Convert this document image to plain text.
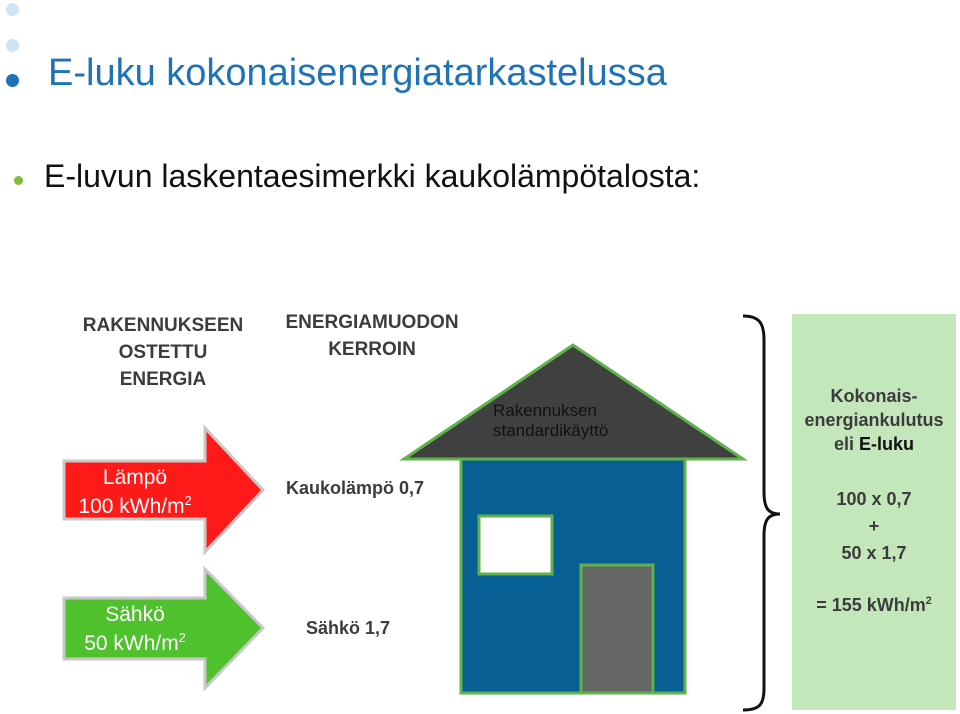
E-luku kokonaisenergiatarkastelussa
E-luvun laskentaesimerkki kaukolämpötalosta:
RAKENNUKSEEN
OSTETTU
ENERGIA
ENERGIAMUODON
KERROIN
Lämpö
100 kWh/$m^2$
Sähkö
50 kWh/$m^2$
Kaukolämpö 0,7
Sähkö 1,7
Rakennuksen
standardikäyttö
Kokonais-
energiankulutus
eli E-luku
100 x 0,7
+
50 x 1,7
= 155 kWh/$m^2$
